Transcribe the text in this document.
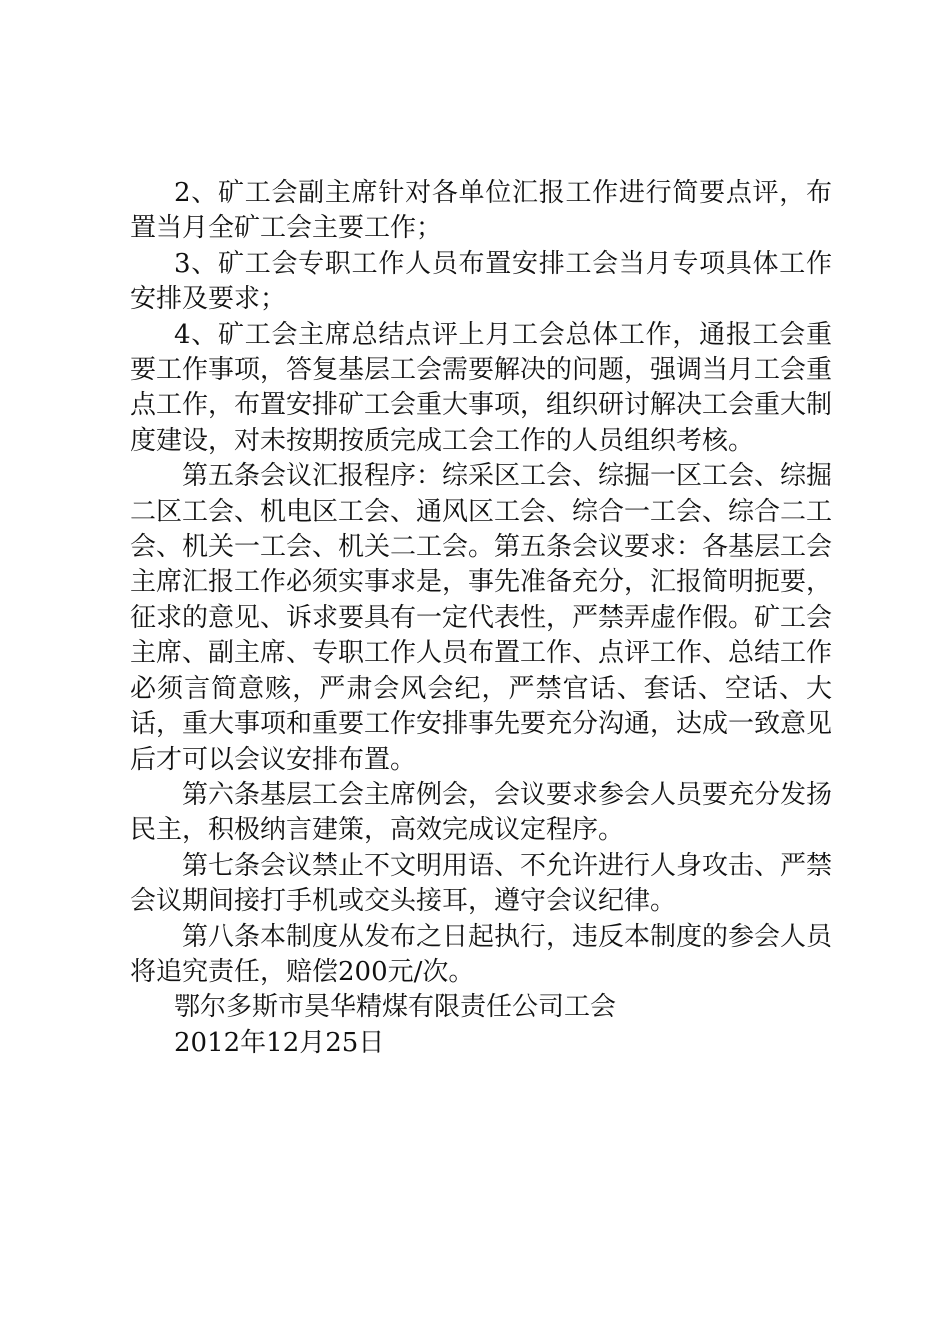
2、矿工会副主席针对各单位汇报工作进行简要点评，布置当月全矿工会主要工作；

3、矿工会专职工作人员布置安排工会当月专项具体工作安排及要求；

4、矿工会主席总结点评上月工会总体工作，通报工会重要工作事项，答复基层工会需要解决的问题，强调当月工会重点工作，布置安排矿工会重大事项，组织研讨解决工会重大制度建设，对未按期按质完成工会工作的人员组织考核。

第五条会议汇报程序：综采区工会、综掘一区工会、综掘二区工会、机电区工会、通风区工会、综合一工会、综合二工会、机关一工会、机关二工会。第五条会议要求：各基层工会主席汇报工作必须实事求是，事先准备充分，汇报简明扼要，征求的意见、诉求要具有一定代表性，严禁弄虚作假。矿工会主席、副主席、专职工作人员布置工作、点评工作、总结工作必须言简意赅，严肃会风会纪，严禁官话、套话、空话、大话，重大事项和重要工作安排事先要充分沟通，达成一致意见后才可以会议安排布置。

第六条基层工会主席例会，会议要求参会人员要充分发扬民主，积极纳言建策，高效完成议定程序。

第七条会议禁止不文明用语、不允许进行人身攻击、严禁会议期间接打手机或交头接耳，遵守会议纪律。

第八条本制度从发布之日起执行，违反本制度的参会人员将追究责任，赔偿200元/次。

鄂尔多斯市昊华精煤有限责任公司工会

2012年12月25日
